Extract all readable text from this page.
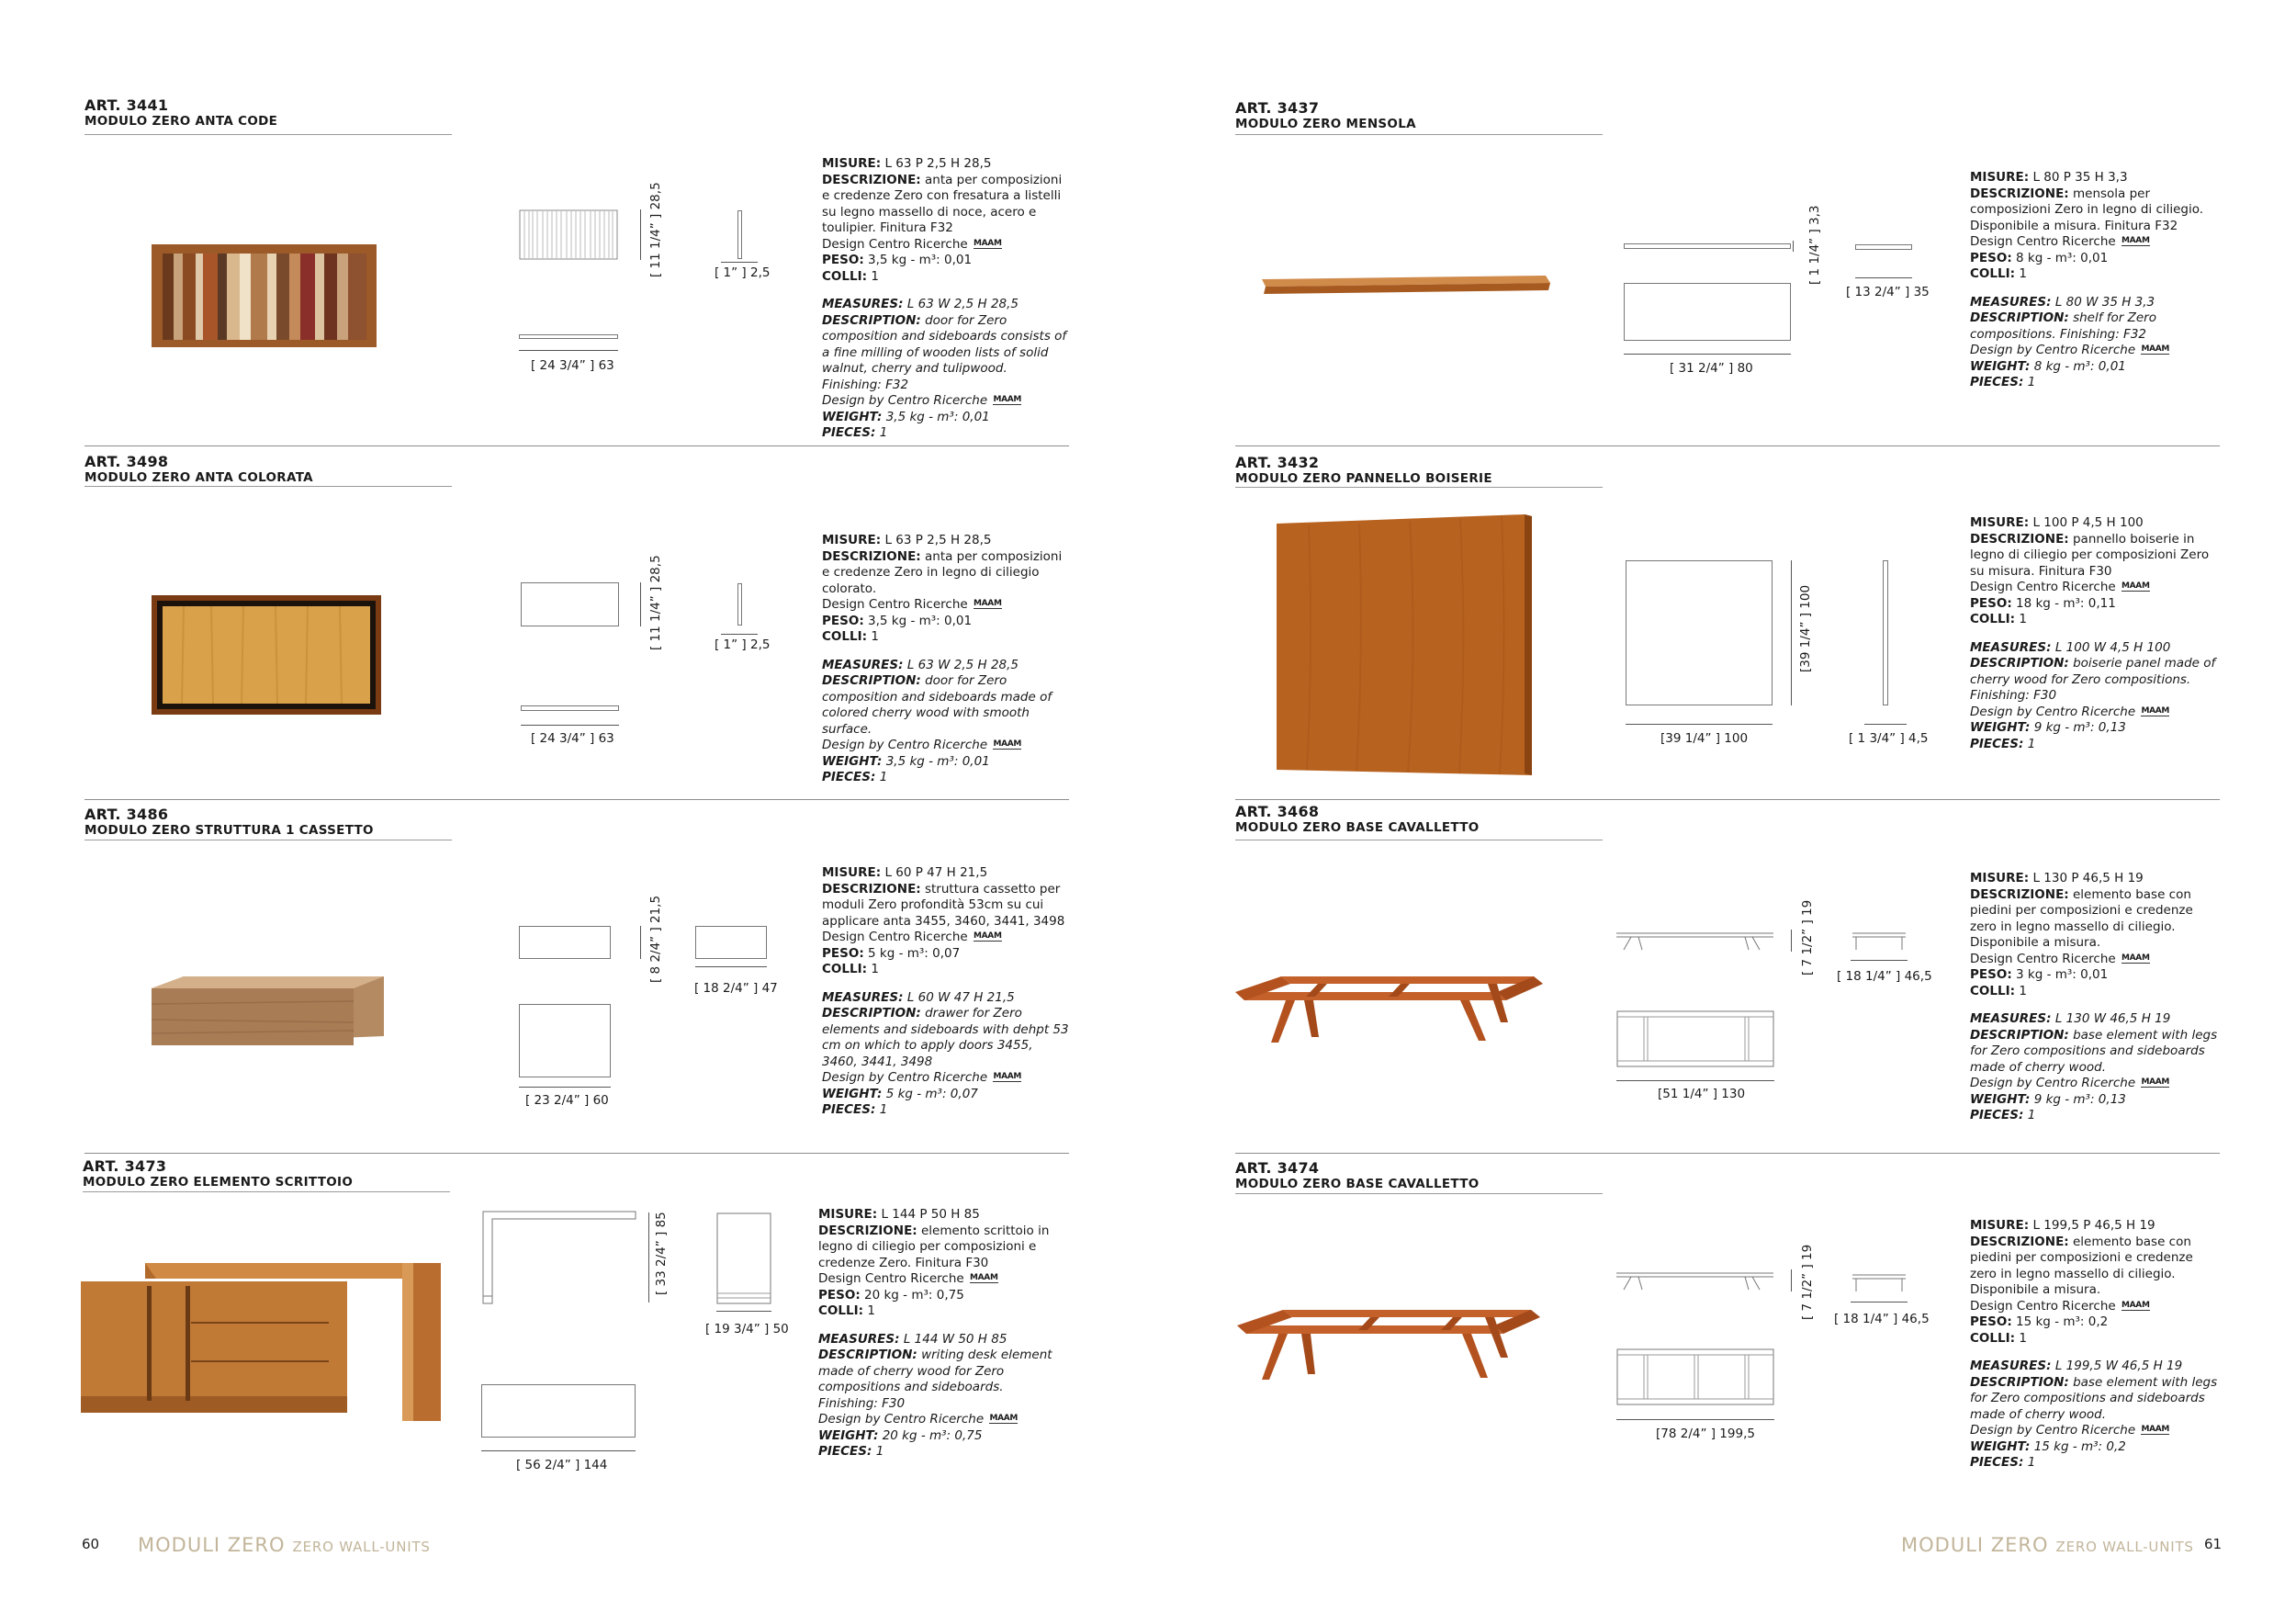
ART. 3441
MODULO ZERO ANTA CODE
[ 24 3/4” ] 63
[ 11 1/4” ] 28,5	[ 1” ] 2,5
MISURE: L 63 P 2,5 H 28,5
DESCRIZIONE: anta per composizioni e credenze Zero con fresatura a listelli su legno massello di noce, acero e toulipier. Finitura F32
Design Centro Ricerche MAAM
PESO: 3,5 kg - m³: 0,01
COLLI: 1
MEASURES: L 63 W 2,5 H 28,5
DESCRIPTION: door for Zero composition and sideboards consists of a fine milling of wooden lists of solid walnut, cherry and tulipwood. Finishing: F32
Design by Centro Ricerche MAAM
WEIGHT: 3,5 kg - m³: 0,01
PIECES: 1
ART. 3498
MODULO ZERO ANTA COLORATA
[ 24 3/4” ] 63
[ 11 1/4” ] 28,5	[ 1” ] 2,5
MISURE: L 63 P 2,5 H 28,5
DESCRIZIONE: anta per composizioni e credenze Zero in legno di ciliegio colorato.
Design Centro Ricerche MAAM
PESO: 3,5 kg - m³: 0,01
COLLI: 1
MEASURES: L 63 W 2,5 H 28,5
DESCRIPTION: door for Zero composition and sideboards made of colored cherry wood with smooth surface.
Design by Centro Ricerche MAAM
WEIGHT: 3,5 kg - m³: 0,01
PIECES: 1
ART. 3486
MODULO ZERO STRUTTURA 1 CASSETTO
[ 23 2/4” ] 60
[ 8 2/4” ] 21,5
[ 18 2/4” ] 47
MISURE: L 60 P 47 H 21,5
DESCRIZIONE: struttura cassetto per moduli Zero profondità 53cm su cui applicare anta 3455, 3460, 3441, 3498
Design Centro Ricerche MAAM
PESO: 5 kg - m³: 0,07
COLLI: 1
MEASURES: L 60 W 47 H 21,5
DESCRIPTION: drawer for Zero elements and sideboards with dehpt 53 cm on which to apply doors 3455, 3460, 3441, 3498
Design by Centro Ricerche MAAM
WEIGHT: 5 kg - m³: 0,07
PIECES: 1
ART. 3473
MODULO ZERO ELEMENTO SCRITTOIO
[ 56 2/4” ] 144
[ 33 2/4” ] 85
[ 19 3/4” ] 50
MISURE: L 144 P 50 H 85
DESCRIZIONE: elemento scrittoio in legno di ciliegio per composizioni e credenze Zero. Finitura F30
Design Centro Ricerche MAAM
PESO: 20 kg - m³: 0,75
COLLI: 1
MEASURES: L 144 W 50 H 85
DESCRIPTION: writing desk element made of cherry wood for Zero compositions and sideboards. Finishing: F30
Design by Centro Ricerche MAAM
WEIGHT: 20 kg - m³: 0,75
PIECES: 1
60 MODULI ZERO ZERO WALL-UNITS
ART. 3437
MODULO ZERO MENSOLA
[ 31 2/4” ] 80
[ 1 1/4” ] 3,3
[ 13 2/4” ] 35
MISURE: L 80 P 35 H 3,3
DESCRIZIONE: mensola per composizioni Zero in legno di ciliegio. Disponibile a misura. Finitura F32
Design Centro Ricerche MAAM
PESO: 8 kg - m³: 0,01
COLLI: 1
MEASURES: L 80 W 35 H 3,3
DESCRIPTION: shelf for Zero compositions. Finishing: F32
Design by Centro Ricerche MAAM
WEIGHT: 8 kg - m³: 0,01
PIECES: 1
ART. 3432
MODULO ZERO PANNELLO BOISERIE
[39 1/4” ] 100
[39 1/4” ] 100
[ 1 3/4” ] 4,5
MISURE: L 100 P 4,5 H 100
DESCRIZIONE: pannello boiserie in legno di ciliegio per composizioni Zero su misura. Finitura F30
Design Centro Ricerche MAAM
PESO: 18 kg - m³: 0,11
COLLI: 1
MEASURES: L 100 W 4,5 H 100
DESCRIPTION: boiserie panel made of cherry wood for Zero compositions. Finishing: F30
Design by Centro Ricerche MAAM
WEIGHT: 9 kg - m³: 0,13
PIECES: 1
ART. 3468
MODULO ZERO BASE CAVALLETTO
[51 1/4” ] 130
[ 7 1/2” ] 19
[ 18 1/4” ] 46,5
MISURE: L 130 P 46,5 H 19
DESCRIZIONE: elemento base con piedini per composizioni e credenze zero in legno massello di ciliegio. Disponibile a misura.
Design Centro Ricerche MAAM
PESO: 3 kg - m³: 0,01
COLLI: 1
MEASURES: L 130 W 46,5 H 19
DESCRIPTION: base element with legs for Zero compositions and sideboards made of cherry wood.
Design by Centro Ricerche MAAM
WEIGHT: 9 kg - m³: 0,13
PIECES: 1
ART. 3474
MODULO ZERO BASE CAVALLETTO
[78 2/4” ] 199,5
[ 7 1/2” ] 19 [ 18 1/4” ] 46,5
MISURE: L 199,5 P 46,5 H 19
DESCRIZIONE: elemento base con piedini per composizioni e credenze zero in legno massello di ciliegio. Disponibile a misura.
Design Centro Ricerche MAAM
PESO: 15 kg - m³: 0,2
COLLI: 1
MEASURES: L 199,5 W 46,5 H 19
DESCRIPTION: base element with legs for Zero compositions and sideboards made of cherry wood.
Design by Centro Ricerche MAAM
WEIGHT: 15 kg - m³: 0,2
PIECES: 1
MODULI ZERO ZERO WALL-UNITS 61
